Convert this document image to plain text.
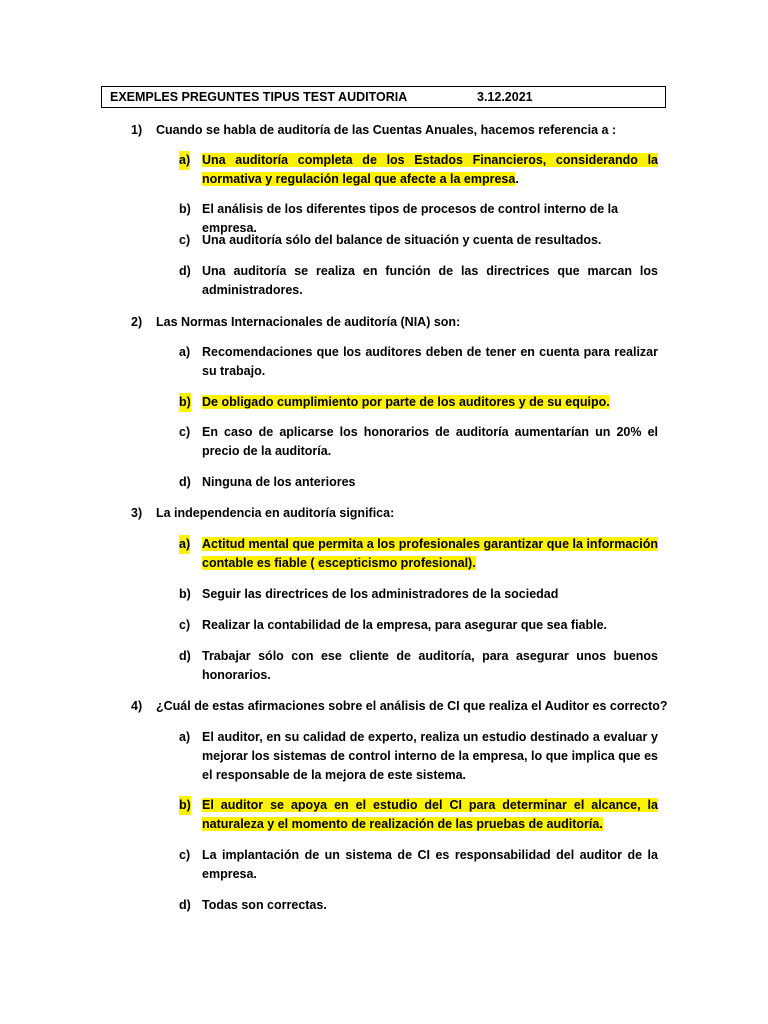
EXEMPLES PREGUNTES TIPUS TEST AUDITORIA	3.12.2021
1) Cuando se habla de auditoría de las Cuentas Anuales, hacemos referencia a :
a) Una auditoría completa de los Estados Financieros, considerando la normativa y regulación legal que afecte a la empresa.
b) El análisis de los diferentes tipos de procesos de control interno de la empresa.
c) Una auditoría sólo del balance de situación y cuenta de resultados.
d) Una auditoría se realiza en función de las directrices que marcan los administradores.
2) Las Normas Internacionales de auditoría (NIA) son:
a) Recomendaciones que los auditores deben de tener en cuenta para realizar su trabajo.
b) De obligado cumplimiento por parte de los auditores y de su equipo.
c) En caso de aplicarse los honorarios de auditoría aumentarían un 20% el precio de la auditoría.
d) Ninguna de los anteriores
3) La independencia en auditoría significa:
a) Actitud mental que permita a los profesionales garantizar que la información contable es fiable ( escepticismo profesional).
b) Seguir las directrices de los administradores de la sociedad
c) Realizar la contabilidad de la empresa, para asegurar que sea fiable.
d) Trabajar sólo con ese cliente de auditoría, para asegurar unos buenos honorarios.
4) ¿Cuál de estas afirmaciones sobre el análisis de CI que realiza el Auditor es correcto?
a) El auditor, en su calidad de experto, realiza un estudio destinado a evaluar y mejorar los sistemas de control interno de la empresa, lo que implica que es el responsable de la mejora de este sistema.
b) El auditor se apoya en el estudio del CI para determinar el alcance, la naturaleza y el momento de realización de las pruebas de auditoría.
c) La implantación de un sistema de CI es responsabilidad del auditor de la empresa.
d) Todas son correctas.
